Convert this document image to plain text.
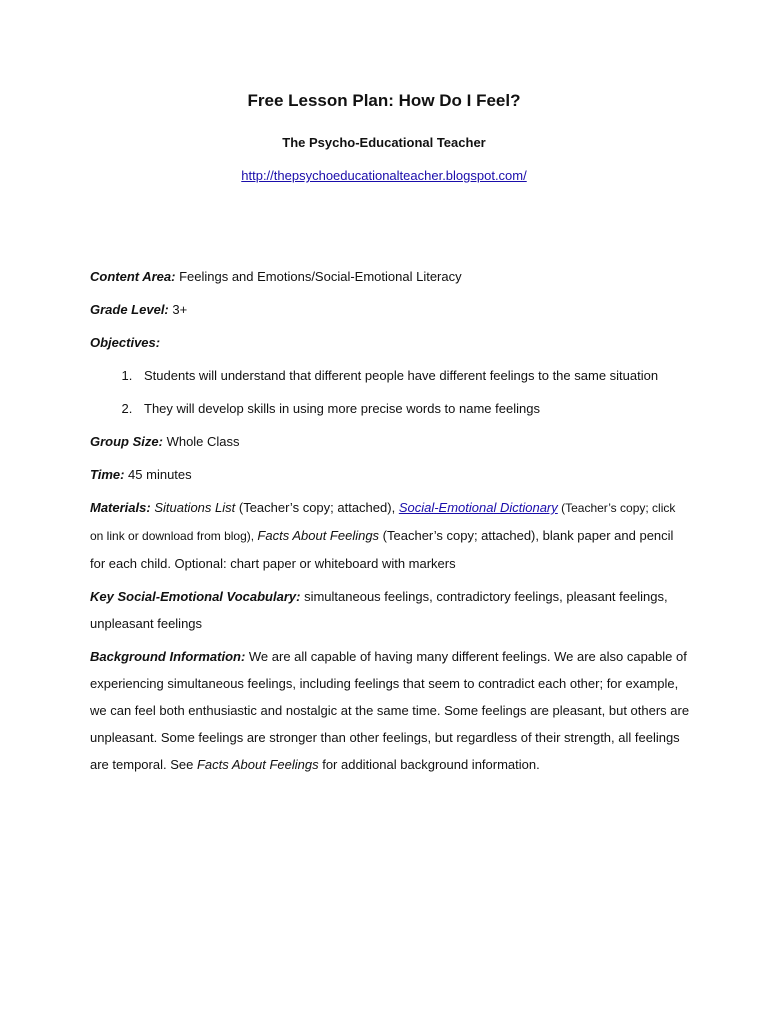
Free Lesson Plan: How Do I Feel?
The Psycho-Educational Teacher
http://thepsychoeducationalteacher.blogspot.com/
Content Area: Feelings and Emotions/Social-Emotional Literacy
Grade Level: 3+
Objectives:
1. Students will understand that different people have different feelings to the same situation
2. They will develop skills in using more precise words to name feelings
Group Size: Whole Class
Time: 45 minutes
Materials: Situations List (Teacher’s copy; attached), Social-Emotional Dictionary (Teacher’s copy; click on link or download from blog), Facts About Feelings (Teacher’s copy; attached), blank paper and pencil for each child. Optional: chart paper or whiteboard with markers
Key Social-Emotional Vocabulary: simultaneous feelings, contradictory feelings, pleasant feelings, unpleasant feelings
Background Information: We are all capable of having many different feelings. We are also capable of experiencing simultaneous feelings, including feelings that seem to contradict each other; for example, we can feel both enthusiastic and nostalgic at the same time. Some feelings are pleasant, but others are unpleasant. Some feelings are stronger than other feelings, but regardless of their strength, all feelings are temporal. See Facts About Feelings for additional background information.
